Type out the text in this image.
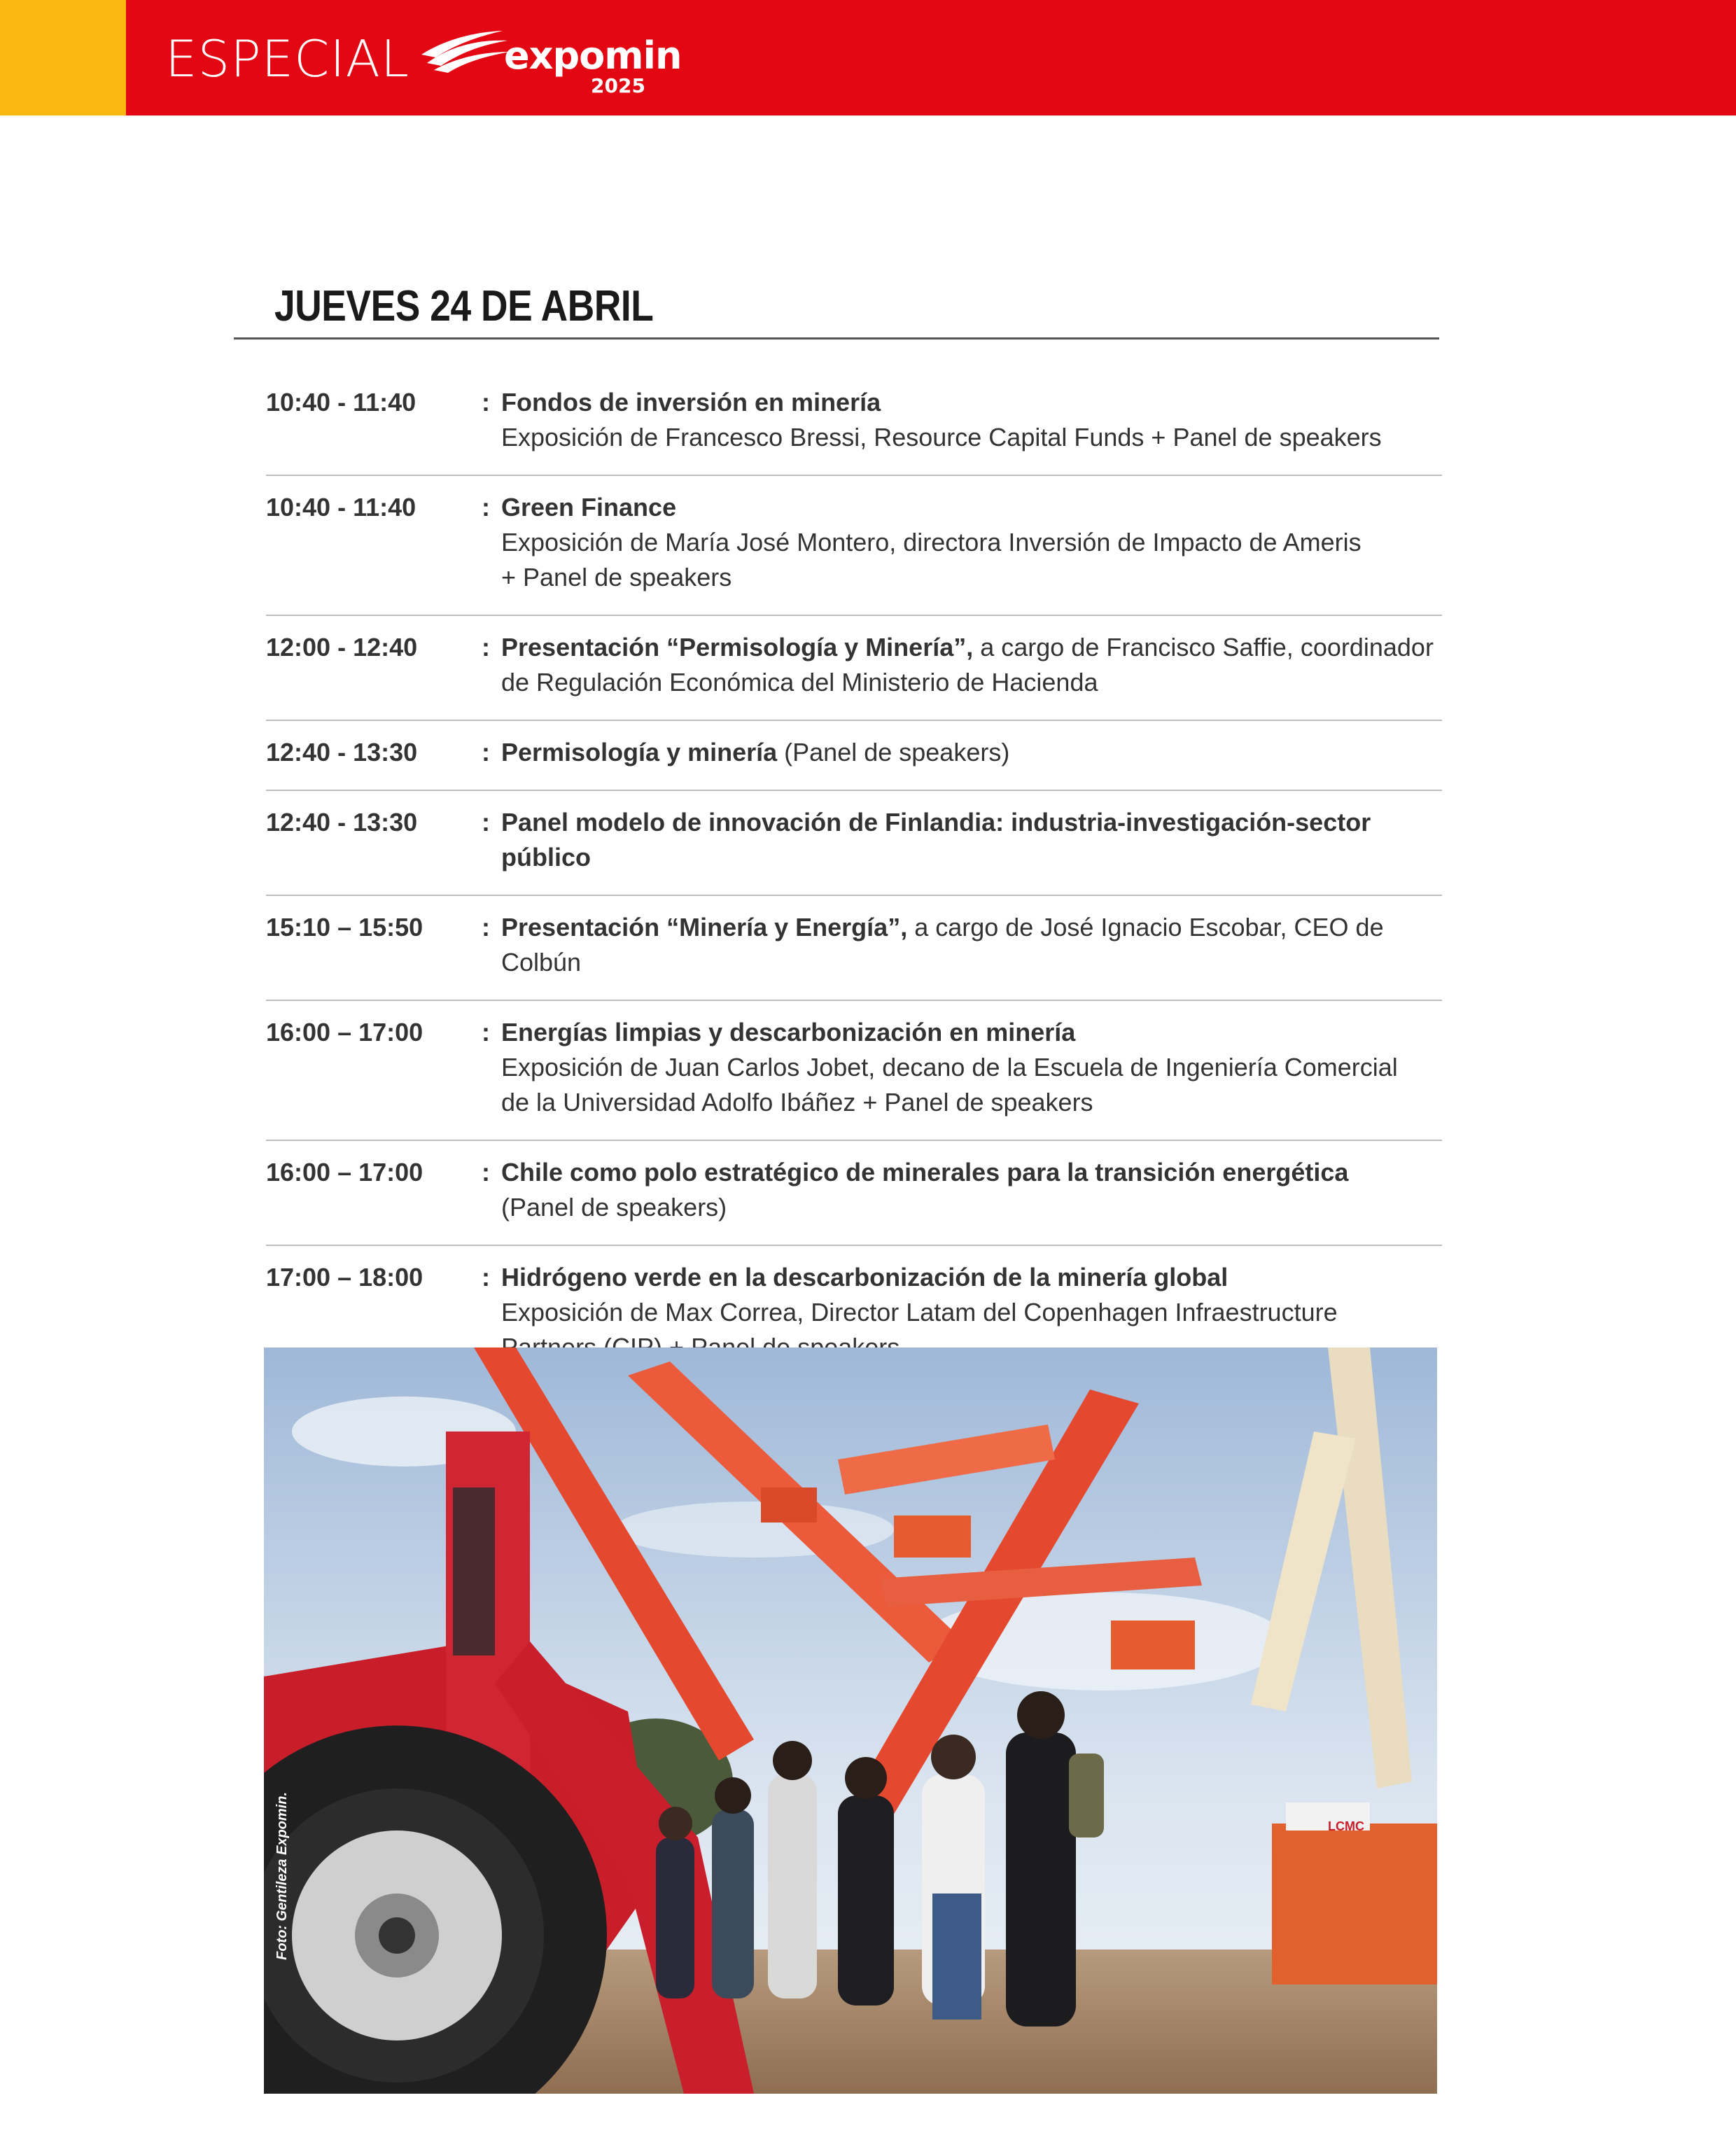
ESPECIAL	expomin
2025
JUEVES 24 DE ABRIL
10:40 - 11:40	: Fondos de inversión en minería
Exposición de Francesco Bressi, Resource Capital Funds + Panel de speakers
10:40 - 11:40	: Green Finance
Exposición de María José Montero, directora Inversión de Impacto de Ameris
+ Panel de speakers
12:00 - 12:40	: Presentación “Permisología y Minería”, a cargo de Francisco Saffie, coordinador
de Regulación Económica del Ministerio de Hacienda
12:40 - 13:30	: Permisología y minería (Panel de speakers)
12:40 - 13:30	: Panel modelo de innovación de Finlandia: industria-investigación-sector público
15:10 – 15:50	: Presentación “Minería y Energía”, a cargo de José Ignacio Escobar, CEO de Colbún
16:00 – 17:00	: Energías limpias y descarbonización en minería
Exposición de Juan Carlos Jobet, decano de la Escuela de Ingeniería Comercial
de la Universidad Adolfo Ibáñez + Panel de speakers
16:00 – 17:00	: Chile como polo estratégico de minerales para la transición energética
(Panel de speakers)
17:00 – 18:00	: Hidrógeno verde en la descarbonización de la minería global
Exposición de Max Correa, Director Latam del Copenhagen Infraestructure
LCMC
Foto: Gentileza Expomin.
